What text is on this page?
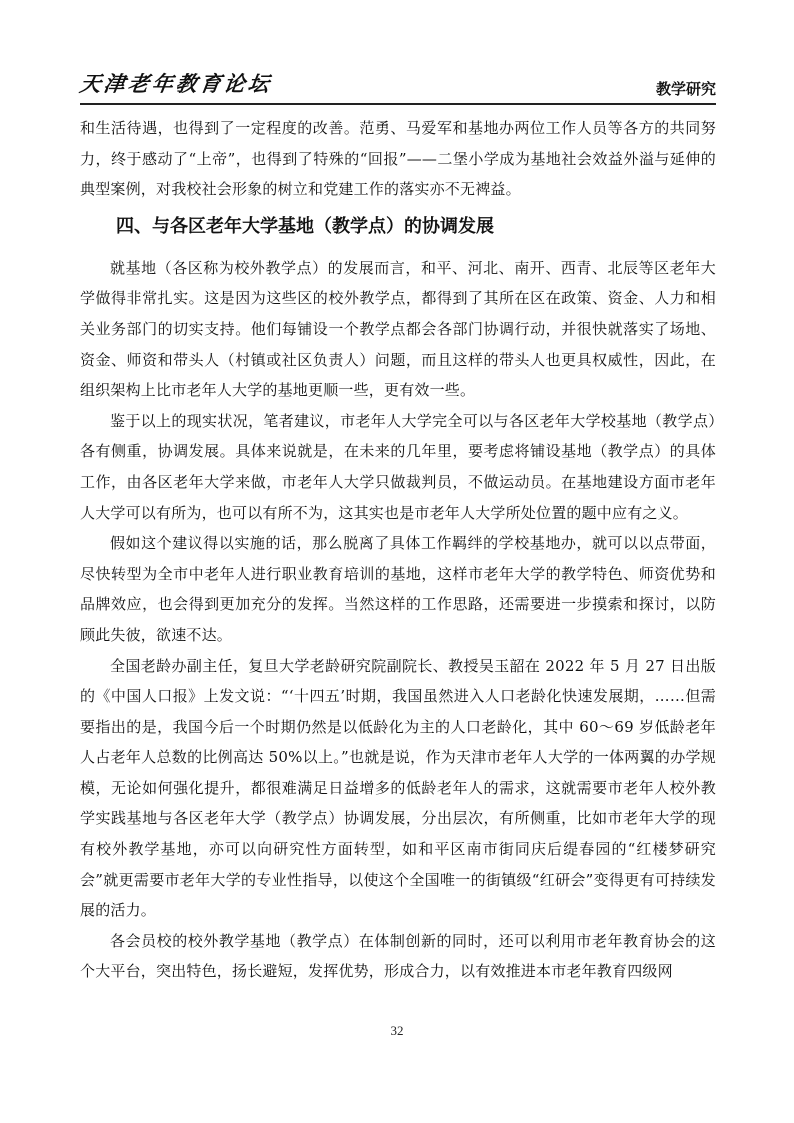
天津老年教育论坛	教学研究

和生活待遇，也得到了一定程度的改善。范勇、马爱军和基地办两位工作人员等各方的共同努力，终于感动了“上帝”，也得到了特殊的“回报”——二堡小学成为基地社会效益外溢与延伸的典型案例，对我校社会形象的树立和党建工作的落实亦不无裨益。

四、与各区老年大学基地（教学点）的协调发展

就基地（各区称为校外教学点）的发展而言，和平、河北、南开、西青、北辰等区老年大学做得非常扎实。这是因为这些区的校外教学点，都得到了其所在区在政策、资金、人力和相关业务部门的切实支持。他们每铺设一个教学点都会各部门协调行动，并很快就落实了场地、资金、师资和带头人（村镇或社区负责人）问题，而且这样的带头人也更具权威性，因此，在组织架构上比市老年人大学的基地更顺一些，更有效一些。

鉴于以上的现实状况，笔者建议，市老年人大学完全可以与各区老年大学校基地（教学点）各有侧重，协调发展。具体来说就是，在未来的几年里，要考虑将铺设基地（教学点）的具体工作，由各区老年大学来做，市老年人大学只做裁判员，不做运动员。在基地建设方面市老年人大学可以有所为，也可以有所不为，这其实也是市老年人大学所处位置的题中应有之义。

假如这个建议得以实施的话，那么脱离了具体工作羁绊的学校基地办，就可以以点带面，尽快转型为全市中老年人进行职业教育培训的基地，这样市老年大学的教学特色、师资优势和品牌效应，也会得到更加充分的发挥。当然这样的工作思路，还需要进一步摸索和探讨，以防顾此失彼，欲速不达。

全国老龄办副主任，复旦大学老龄研究院副院长、教授吴玉韶在 2022 年 5 月 27 日出版的《中国人口报》上发文说：“‘十四五’时期，我国虽然进入人口老龄化快速发展期，……但需要指出的是，我国今后一个时期仍然是以低龄化为主的人口老龄化，其中 60～69 岁低龄老年人占老年人总数的比例高达 50%以上。”也就是说，作为天津市老年人大学的一体两翼的办学规模，无论如何强化提升，都很难满足日益增多的低龄老年人的需求，这就需要市老年人校外教学实践基地与各区老年大学（教学点）协调发展，分出层次，有所侧重，比如市老年大学的现有校外教学基地，亦可以向研究性方面转型，如和平区南市街同庆后缇春园的“红楼梦研究会”就更需要市老年大学的专业性指导，以使这个全国唯一的街镇级“红研会”变得更有可持续发展的活力。

各会员校的校外教学基地（教学点）在体制创新的同时，还可以利用市老年教育协会的这个大平台，突出特色，扬长避短，发挥优势，形成合力，以有效推进本市老年教育四级网

32
